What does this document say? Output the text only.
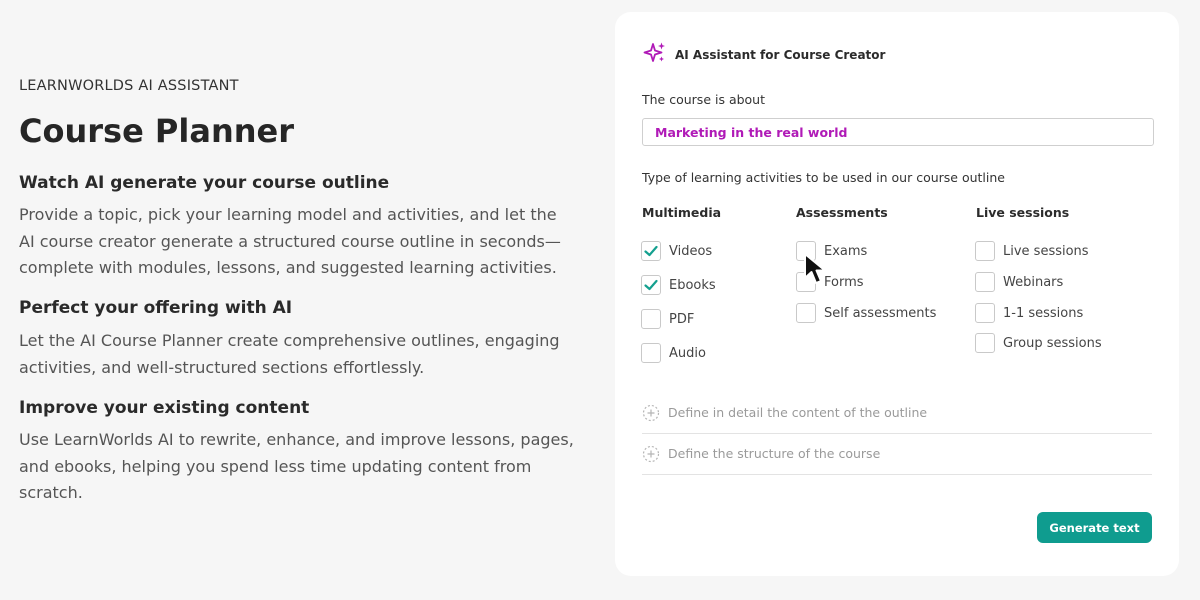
LEARNWORLDS AI ASSISTANT
Course Planner
Watch AI generate your course outline
Provide a topic, pick your learning model and activities, and let the
AI course creator generate a structured course outline in seconds—
complete with modules, lessons, and suggested learning activities.
Perfect your offering with AI
Let the AI Course Planner create comprehensive outlines, engaging
activities, and well-structured sections effortlessly.
Improve your existing content
Use LearnWorlds AI to rewrite, enhance, and improve lessons, pages,
and ebooks, helping you spend less time updating content from
scratch.
AI Assistant for Course Creator
The course is about
Marketing in the real world
Type of learning activities to be used in our course outline
Multimedia	Assessments	Live sessions
Videos
Ebooks
PDF
Audio
Exams
Forms
Self assessments
Live sessions
Webinars
1-1 sessions
Group sessions
Define in detail the content of the outline
Define the structure of the course
Generate text
